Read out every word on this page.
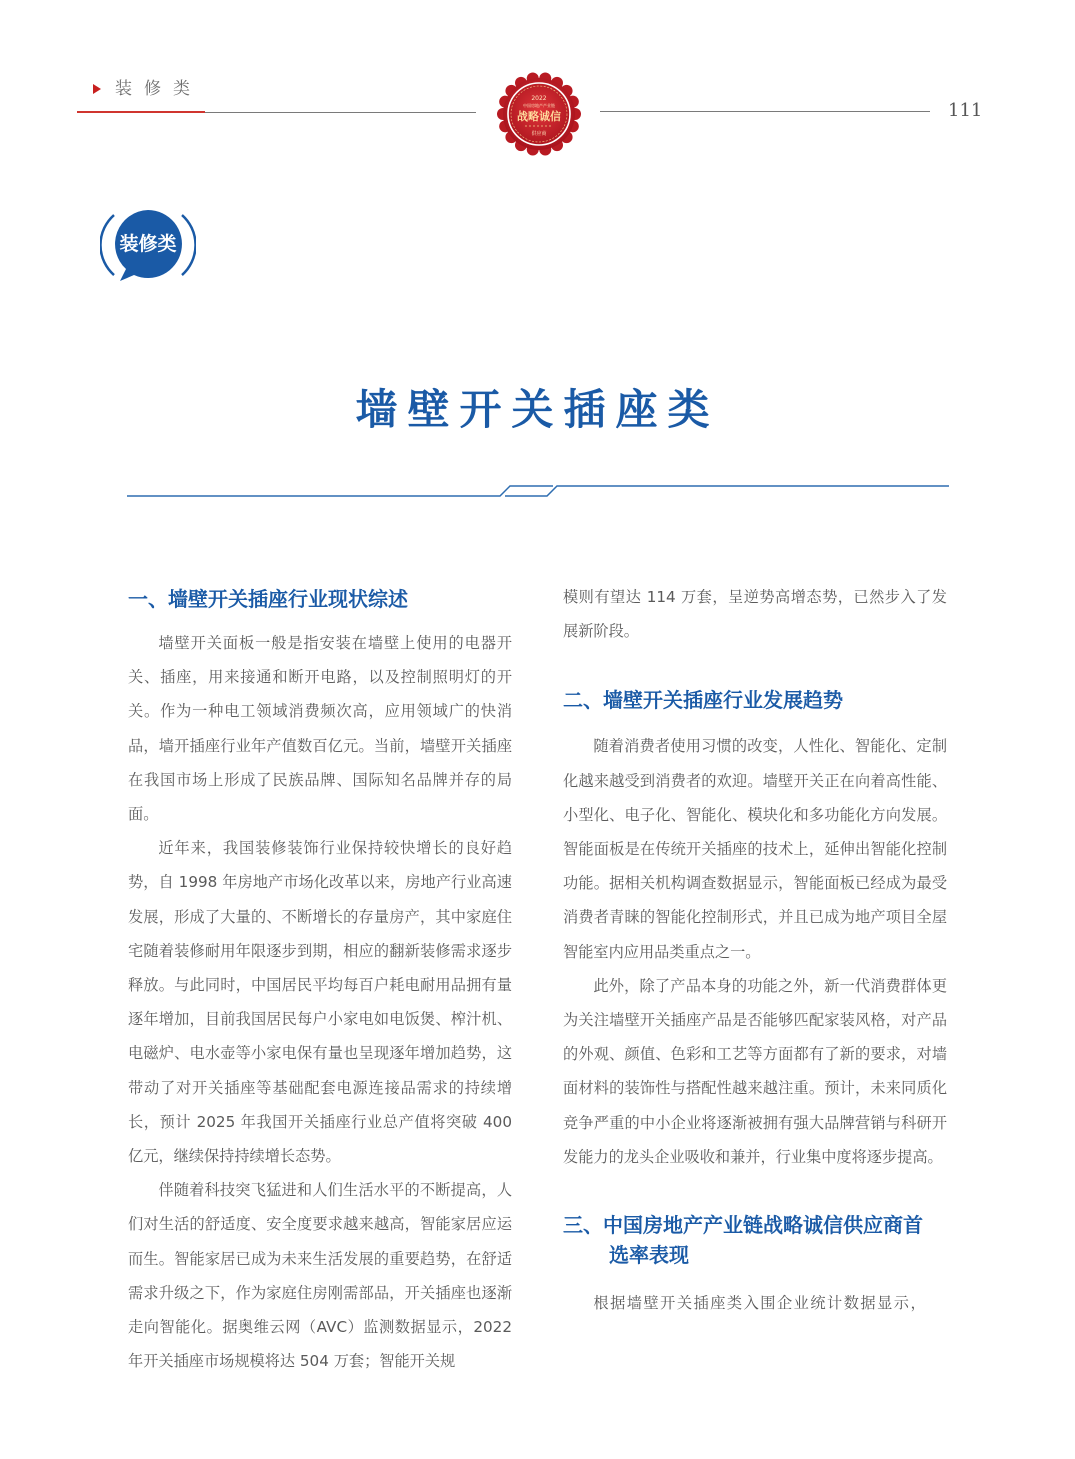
装修类	2022
中国房地产产业链
战略诚信
供应商
111
装修类
墙壁开关插座类
一、墙壁开关插座行业现状综述

墙壁开关面板一般是指安装在墙壁上使用的电器开关、插座，用来接通和断开电路，以及控制照明灯的开关。作为一种电工领域消费频次高，应用领域广的快消品，墙开插座行业年产值数百亿元。当前，墙壁开关插座在我国市场上形成了民族品牌、国际知名品牌并存的局面。

近年来，我国装修装饰行业保持较快增长的良好趋势，自 1998 年房地产市场化改革以来，房地产行业高速发展，形成了大量的、不断增长的存量房产，其中家庭住宅随着装修耐用年限逐步到期，相应的翻新装修需求逐步释放。与此同时，中国居民平均每百户耗电耐用品拥有量逐年增加，目前我国居民每户小家电如电饭煲、榨汁机、电磁炉、电水壶等小家电保有量也呈现逐年增加趋势，这带动了对开关插座等基础配套电源连接品需求的持续增长，预计 2025 年我国开关插座行业总产值将突破 400 亿元，继续保持持续增长态势。

伴随着科技突飞猛进和人们生活水平的不断提高，人们对生活的舒适度、安全度要求越来越高，智能家居应运而生。智能家居已成为未来生活发展的重要趋势，在舒适需求升级之下，作为家庭住房刚需部品，开关插座也逐渐走向智能化。据奥维云网（AVC）监测数据显示，2022 年开关插座市场规模将达 504 万套；智能开关规

模则有望达 114 万套，呈逆势高增态势，已然步入了发展新阶段。

二、墙壁开关插座行业发展趋势

随着消费者使用习惯的改变，人性化、智能化、定制化越来越受到消费者的欢迎。墙壁开关正在向着高性能、小型化、电子化、智能化、模块化和多功能化方向发展。智能面板是在传统开关插座的技术上，延伸出智能化控制功能。据相关机构调查数据显示，智能面板已经成为最受消费者青睐的智能化控制形式，并且已成为地产项目全屋智能室内应用品类重点之一。

此外，除了产品本身的功能之外，新一代消费群体更为关注墙壁开关插座产品是否能够匹配家装风格，对产品的外观、颜值、色彩和工艺等方面都有了新的要求，对墙面材料的装饰性与搭配性越来越注重。预计，未来同质化竞争严重的中小企业将逐渐被拥有强大品牌营销与科研开发能力的龙头企业吸收和兼并，行业集中度将逐步提高。

三、中国房地产产业链战略诚信供应商首
选率表现

根据墙壁开关插座类入围企业统计数据显示，
